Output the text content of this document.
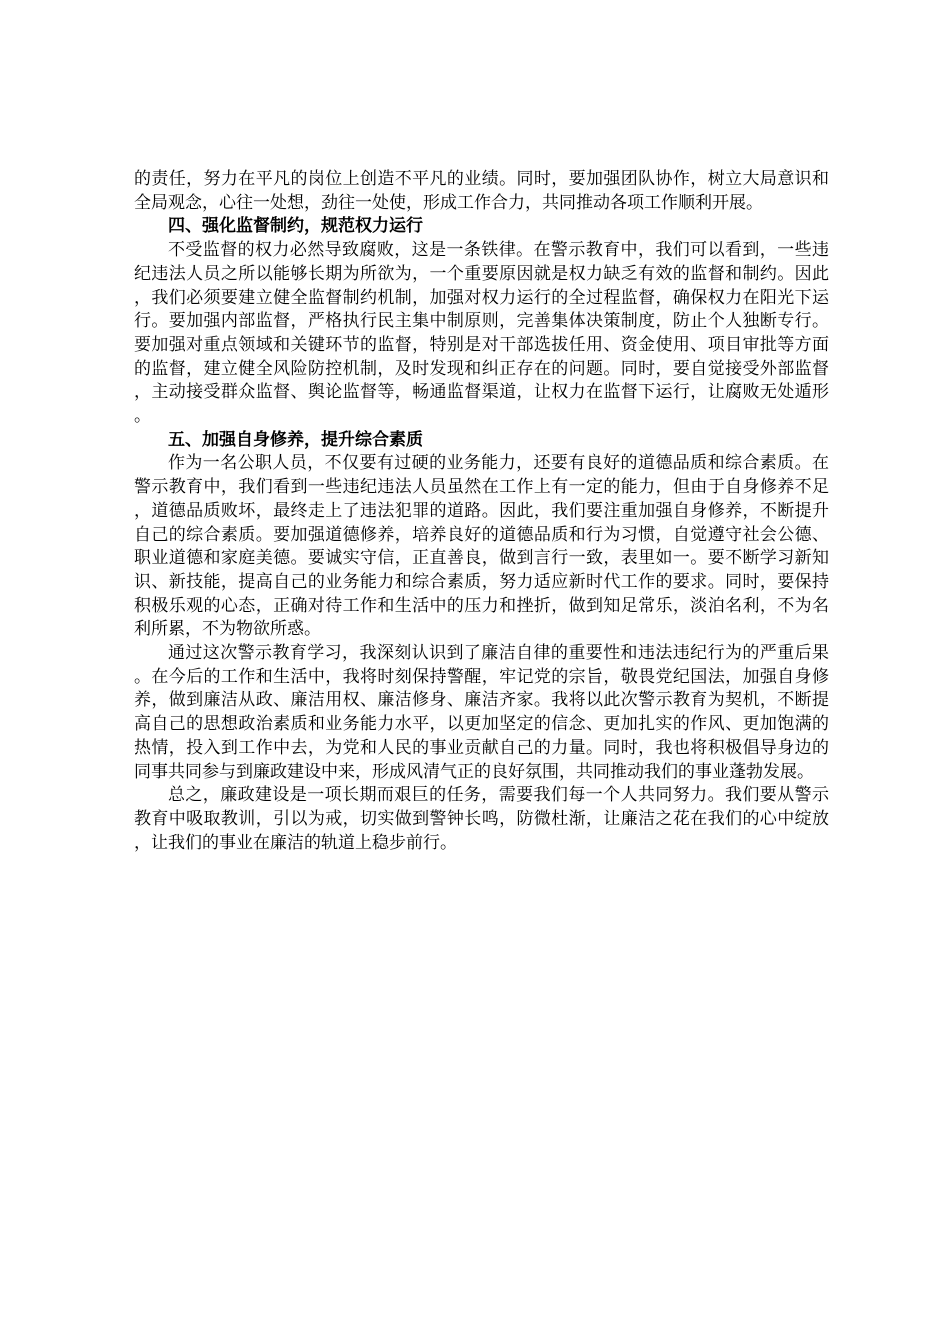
的责任，努力在平凡的岗位上创造不平凡的业绩。同时，要加强团队协作，树立大局意识和全局观念，心往一处想，劲往一处使，形成工作合力，共同推动各项工作顺利开展。

四、强化监督制约，规范权力运行

不受监督的权力必然导致腐败，这是一条铁律。在警示教育中，我们可以看到，一些违纪违法人员之所以能够长期为所欲为，一个重要原因就是权力缺乏有效的监督和制约。因此，我们必须要建立健全监督制约机制，加强对权力运行的全过程监督，确保权力在阳光下运行。要加强内部监督，严格执行民主集中制原则，完善集体决策制度，防止个人独断专行。要加强对重点领域和关键环节的监督，特别是对干部选拔任用、资金使用、项目审批等方面的监督，建立健全风险防控机制，及时发现和纠正存在的问题。同时，要自觉接受外部监督，主动接受群众监督、舆论监督等，畅通监督渠道，让权力在监督下运行，让腐败无处遁形。

五、加强自身修养，提升综合素质

作为一名公职人员，不仅要有过硬的业务能力，还要有良好的道德品质和综合素质。在警示教育中，我们看到一些违纪违法人员虽然在工作上有一定的能力，但由于自身修养不足，道德品质败坏，最终走上了违法犯罪的道路。因此，我们要注重加强自身修养，不断提升自己的综合素质。要加强道德修养，培养良好的道德品质和行为习惯，自觉遵守社会公德、职业道德和家庭美德。要诚实守信，正直善良，做到言行一致，表里如一。要不断学习新知识、新技能，提高自己的业务能力和综合素质，努力适应新时代工作的要求。同时，要保持积极乐观的心态，正确对待工作和生活中的压力和挫折，做到知足常乐，淡泊名利，不为名利所累，不为物欲所惑。

通过这次警示教育学习，我深刻认识到了廉洁自律的重要性和违法违纪行为的严重后果。在今后的工作和生活中，我将时刻保持警醒，牢记党的宗旨，敬畏党纪国法，加强自身修养，做到廉洁从政、廉洁用权、廉洁修身、廉洁齐家。我将以此次警示教育为契机，不断提高自己的思想政治素质和业务能力水平，以更加坚定的信念、更加扎实的作风、更加饱满的热情，投入到工作中去，为党和人民的事业贡献自己的力量。同时，我也将积极倡导身边的同事共同参与到廉政建设中来，形成风清气正的良好氛围，共同推动我们的事业蓬勃发展。

总之，廉政建设是一项长期而艰巨的任务，需要我们每一个人共同努力。我们要从警示教育中吸取教训，引以为戒，切实做到警钟长鸣，防微杜渐，让廉洁之花在我们的心中绽放，让我们的事业在廉洁的轨道上稳步前行。
